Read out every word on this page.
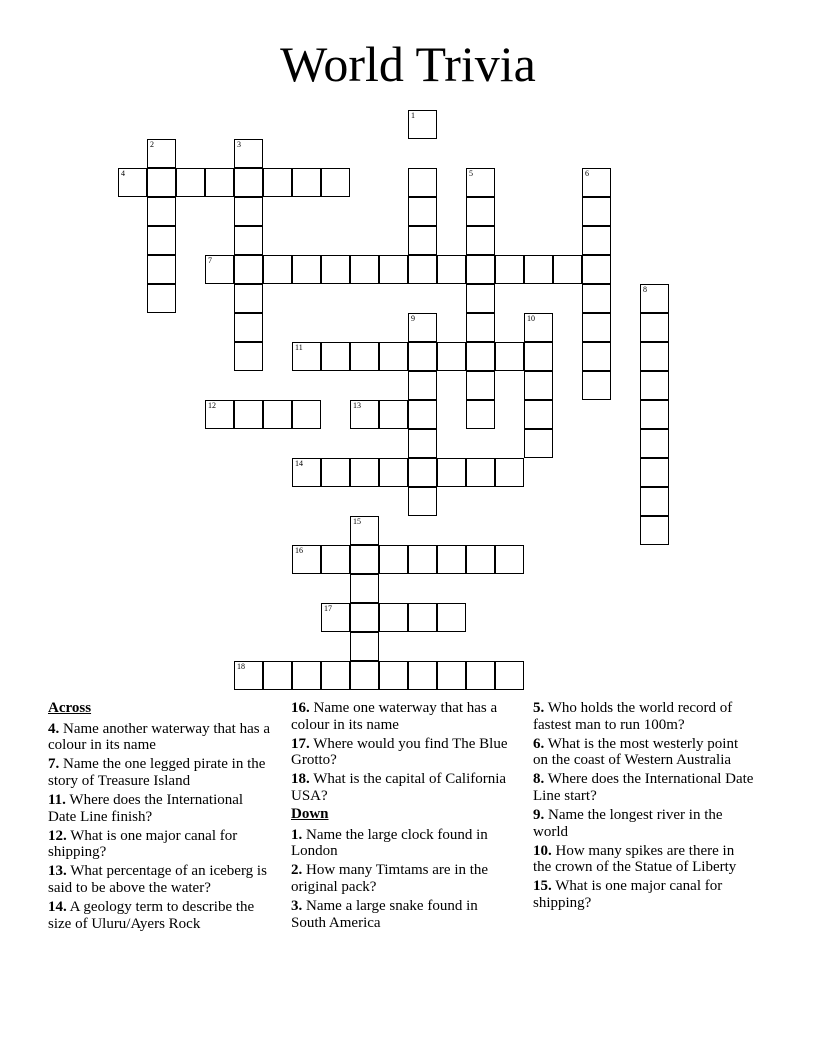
World Trivia
9
2	3
4	5	6
7
8
10
11
12	13
14
15
16
17
18
1
Across
4. Name another waterway that has a colour in its name
7. Name the one legged pirate in the story of Treasure Island
11. Where does the International Date Line finish?
12. What is one major canal for shipping?
13. What percentage of an iceberg is said to be above the water?
14. A geology term to describe the size of Uluru/Ayers Rock
16. Name one waterway that has a colour in its name
17. Where would you find The Blue Grotto?
18. What is the capital of California USA?
Down
1. Name the large clock found in London
2. How many Timtams are in the original pack?
3. Name a large snake found in South America
5. Who holds the world record of fastest man to run 100m?
6. What is the most westerly point on the coast of Western Australia
8. Where does the International Date Line start?
9. Name the longest river in the world
10. How many spikes are there in the crown of the Statue of Liberty
15. What is one major canal for shipping?
